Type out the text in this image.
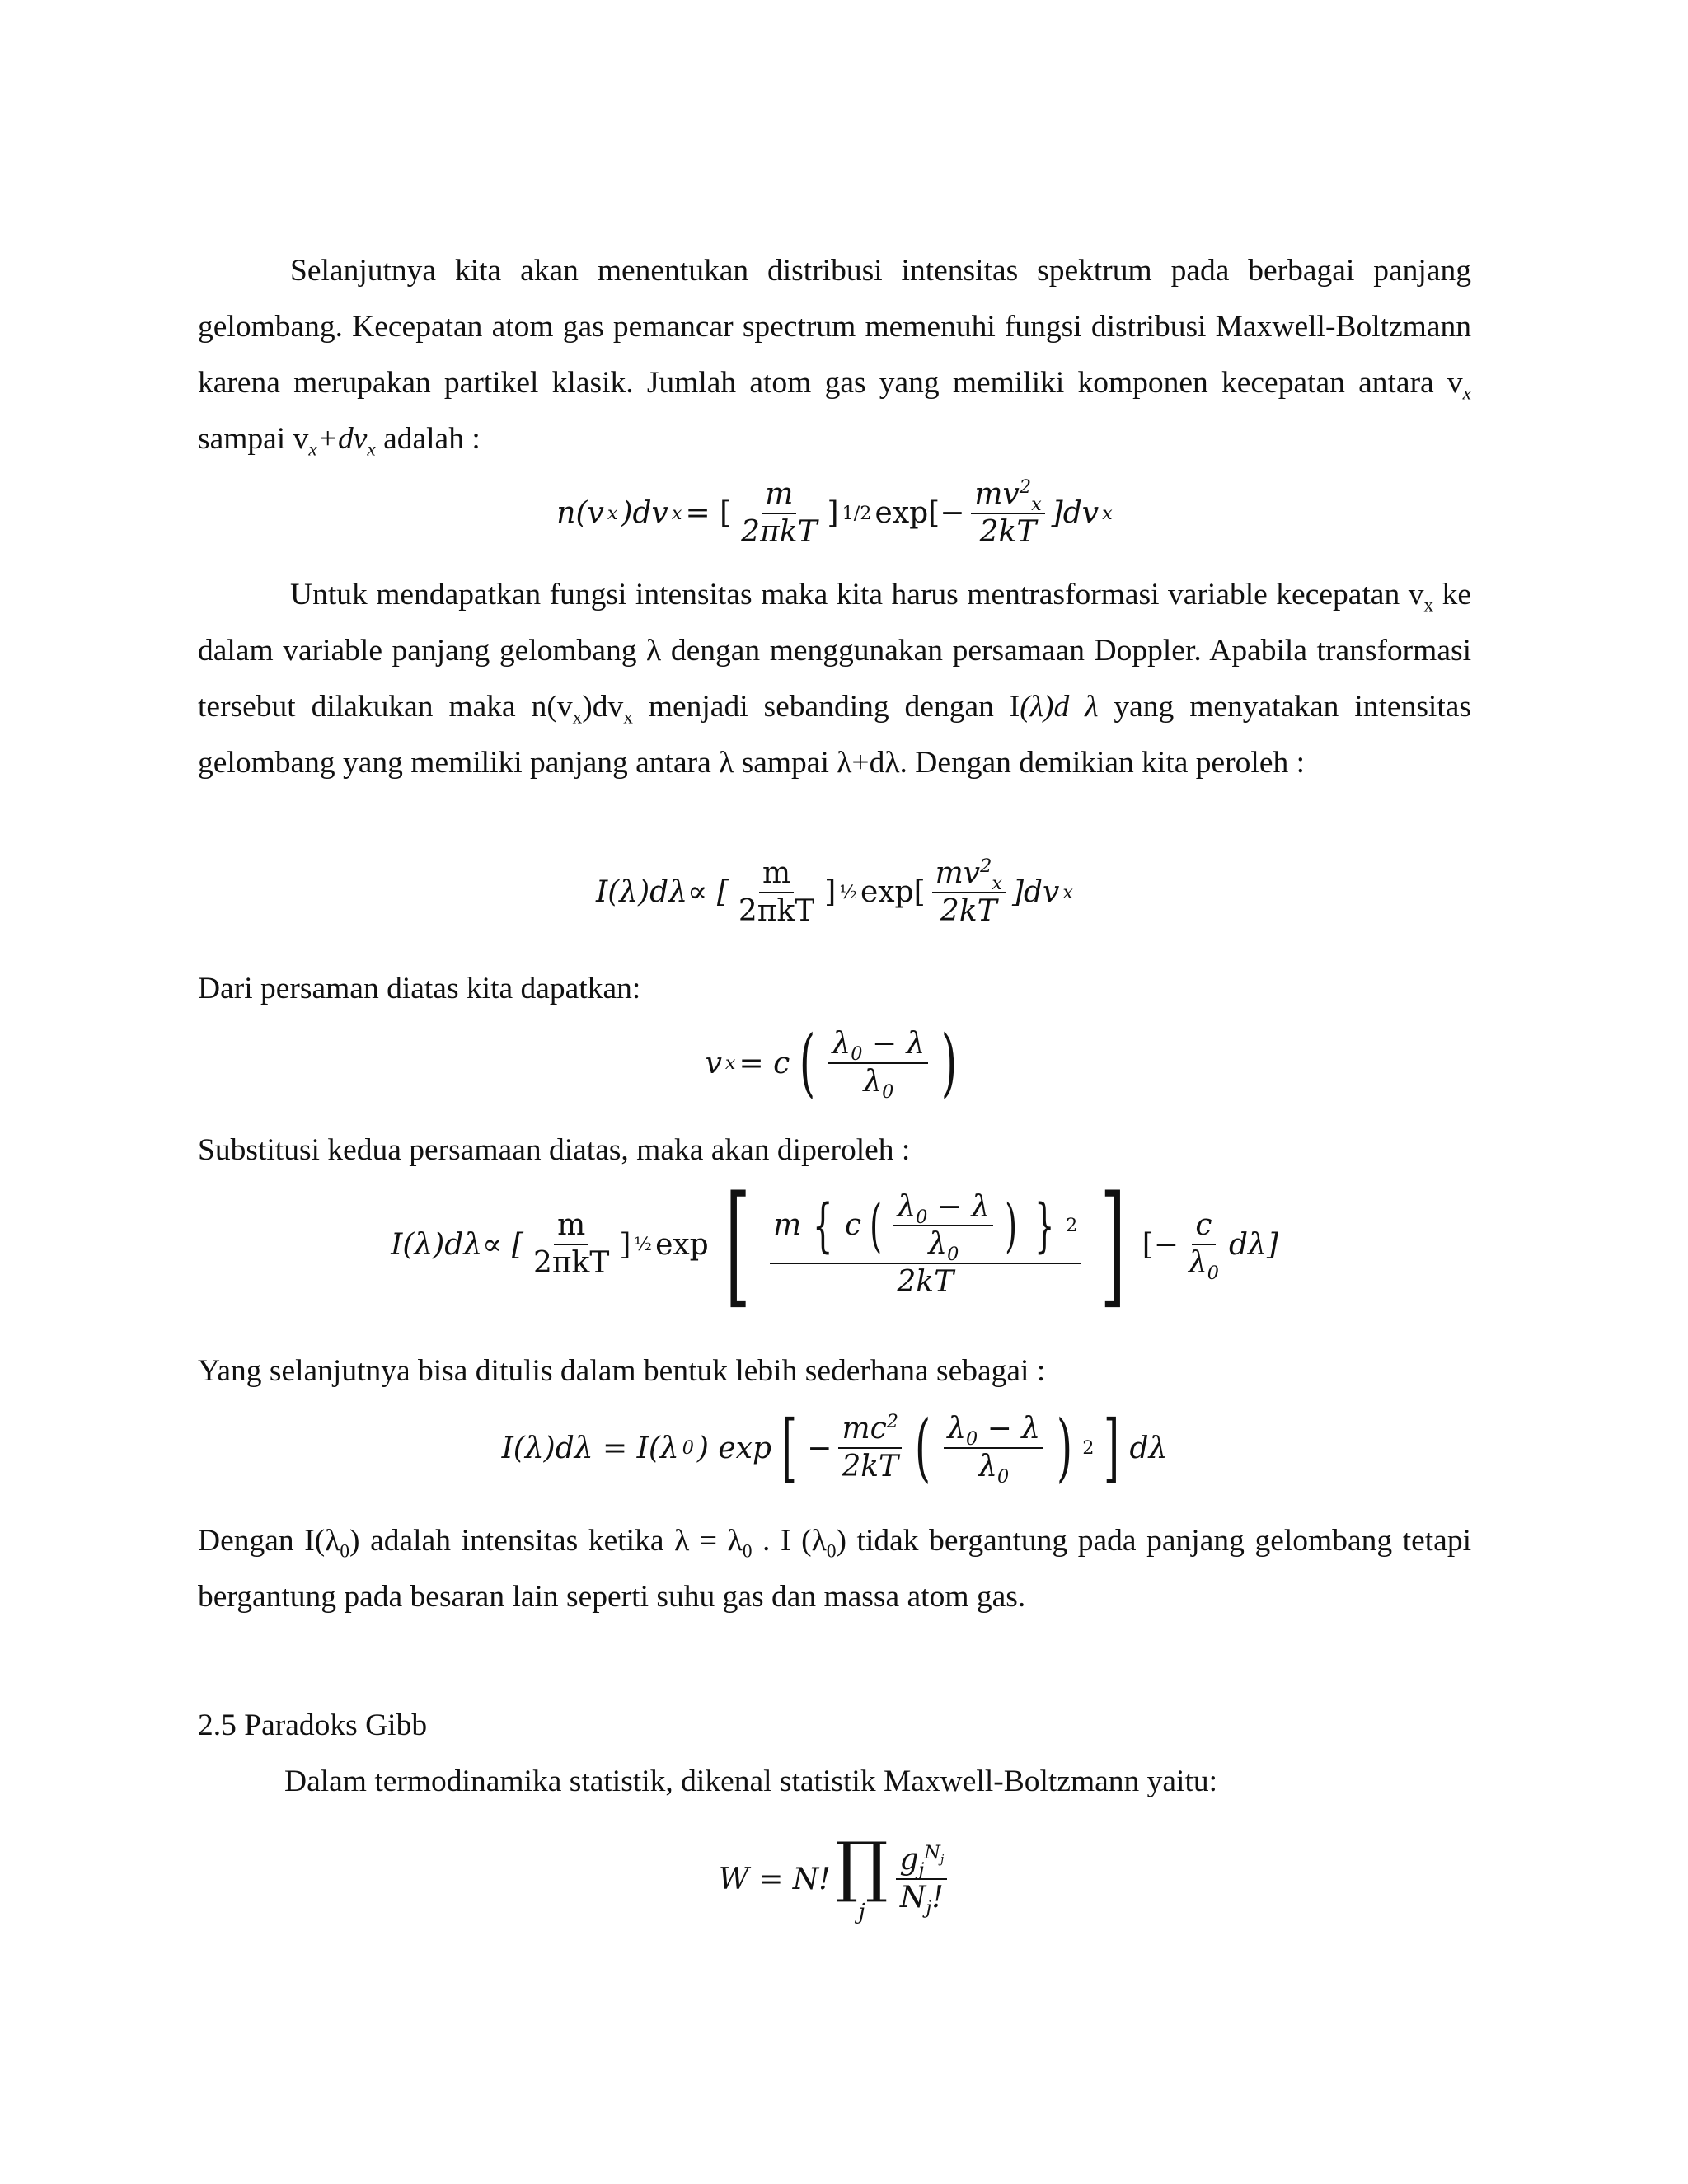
Selanjutnya kita akan menentukan distribusi intensitas spektrum pada berbagai panjang gelombang. Kecepatan atom gas pemancar spectrum memenuhi fungsi distribusi Maxwell-Boltzmann karena merupakan partikel klasik. Jumlah atom gas yang memiliki komponen kecepatan antara $v_x$ sampai $v_x+dv_x$ adalah :

n(v x )dv x = [ $\frac{m}{\text{2πkT}}$ ] 1/2 $\exp[- \frac{mv^2_x}{2kT} ]dv$ x

Untuk mendapatkan fungsi intensitas maka kita harus mentrasformasi variable kecepatan $v_x$ ke dalam variable panjang gelombang λ dengan menggunakan persamaan Doppler. Apabila transformasi tersebut dilakukan maka $n(v_x)dv_x$ menjadi sebanding dengan I(λ)d λ yang menyatakan intensitas gelombang yang memiliki panjang antara λ sampai λ+dλ. Dengan demikian kita peroleh :

I(λ)dλ∝ [ $\frac{m}{\text{2πkT}}$ ] ½ $\exp[ \frac{mv^2_x}{2kT} ]dv$ x

Dari persaman diatas kita dapatkan:

v x = c ( $\frac{\lambda_0 - \lambda}{\lambda_0}$ )

Substitusi kedua persamaan diatas, maka akan diperoleh :

I(λ)dλ∝ [ $\frac{m}{\text{2πkT}}$ ] ½ exp [ $\frac{m \{ c ( \frac{\lambda_0 - \lambda}{\lambda_0} ) \} 2}{2kT}$ ] [− $\frac{c}{\lambda_0} d\lambda$]

Yang selanjutnya bisa ditulis dalam bentuk lebih sederhana sebagai :

I(λ)dλ = I(λ 0 ) exp [ − $\frac{mc^2}{2kT}$ ( $\frac{\lambda_0 - \lambda}{\lambda_0}$ ) 2 ] dλ

Dengan $I(\lambda_0)$ adalah intensitas ketika $\lambda = \lambda_0$ . I $(\lambda_0)$ tidak bergantung pada panjang gelombang tetapi bergantung pada besaran lain seperti suhu gas dan massa atom gas.

2.5 Paradoks Gibb

Dalam termodinamika statistik, dikenal statistik Maxwell-Boltzmann yaitu:

W = N! ∏
j $\frac{g_j^{N_j}}{N_j!}$
